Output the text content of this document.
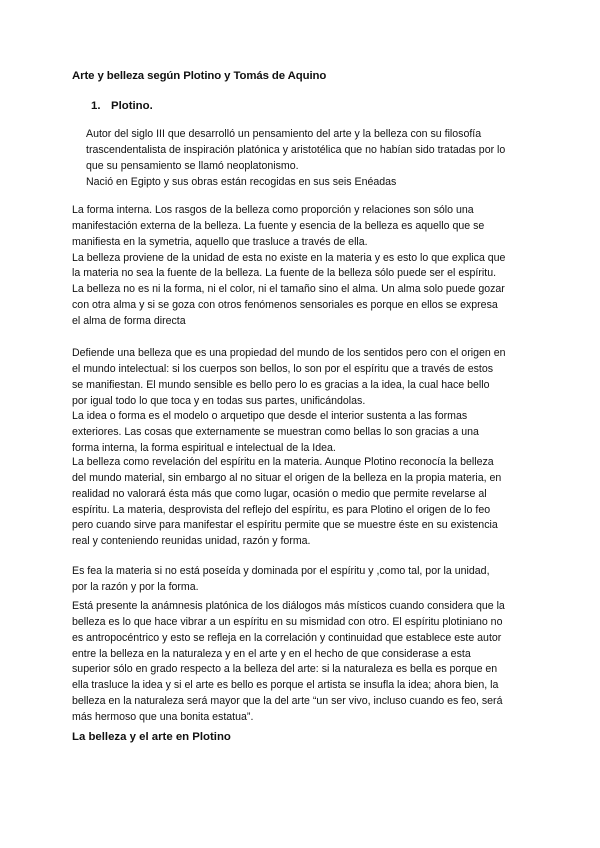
Arte y belleza según Plotino y Tomás de Aquino
1. Plotino.
Autor del siglo III que desarrolló un pensamiento del arte y la belleza con su filosofía
trascendentalista de inspiración platónica y aristotélica que no habían sido tratadas por lo
que su pensamiento se llamó neoplatonismo.
Nació en Egipto y sus obras están recogidas en sus seis Enéadas
La forma interna. Los rasgos de la belleza como proporción y relaciones son sólo una
manifestación externa de la belleza. La fuente y esencia de la belleza es aquello que se
manifiesta en la symetria, aquello que trasluce a través de ella.
La belleza proviene de la unidad de esta no existe en la materia y es esto lo que explica que
la materia no sea la fuente de la belleza. La fuente de la belleza sólo puede ser el espíritu.
La belleza no es ni la forma, ni el color, ni el tamaño sino el alma. Un alma solo puede gozar
con otra alma y si se goza con otros fenómenos sensoriales es porque en ellos se expresa
el alma de forma directa
Defiende una belleza que es una propiedad del mundo de los sentidos pero con el origen en
el mundo intelectual: si los cuerpos son bellos, lo son por el espíritu que a través de estos
se manifiestan. El mundo sensible es bello pero lo es gracias a la idea, la cual hace bello
por igual todo lo que toca y en todas sus partes, unificándolas.
La idea o forma es el modelo o arquetipo que desde el interior sustenta a las formas
exteriores. Las cosas que externamente se muestran como bellas lo son gracias a una
forma interna, la forma espiritual e intelectual de la Idea.
La belleza como revelación del espíritu en la materia. Aunque Plotino reconocía la belleza
del mundo material, sin embargo al no situar el origen de la belleza en la propia materia, en
realidad no valorará ésta más que como lugar, ocasión o medio que permite revelarse al
espíritu. La materia, desprovista del reflejo del espíritu, es para Plotino el origen de lo feo
pero cuando sirve para manifestar el espíritu permite que se muestre éste en su existencia
real y conteniendo reunidas unidad, razón y forma.
Es fea la materia si no está poseída y dominada por el espíritu y ,como tal, por la unidad,
por la razón y por la forma.
Está presente la anámnesis platónica de los diálogos más místicos cuando considera que la
belleza es lo que hace vibrar a un espíritu en su mismidad con otro. El espíritu plotiniano no
es antropocéntrico y esto se refleja en la correlación y continuidad que establece este autor
entre la belleza en la naturaleza y en el arte y en el hecho de que considerase a esta
superior sólo en grado respecto a la belleza del arte: si la naturaleza es bella es porque en
ella trasluce la idea y si el arte es bello es porque el artista se insufla la idea; ahora bien, la
belleza en la naturaleza será mayor que la del arte “un ser vivo, incluso cuando es feo, será
más hermoso que una bonita estatua”.
La belleza y el arte en Plotino
